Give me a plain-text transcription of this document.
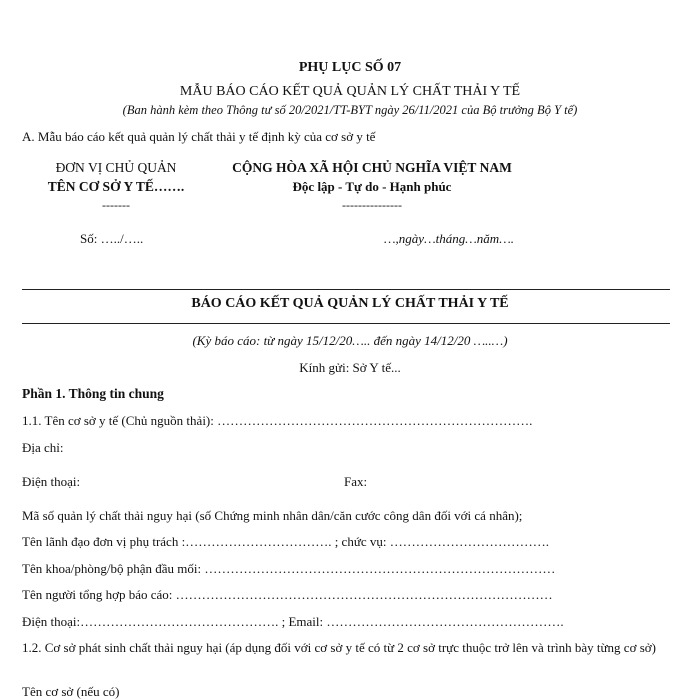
PHỤ LỤC SỐ 07
MẪU BÁO CÁO KẾT QUẢ QUẢN LÝ CHẤT THẢI Y TẾ
(Ban hành kèm theo Thông tư số 20/2021/TT-BYT ngày 26/11/2021 của Bộ trưởng Bộ Y tế)
A. Mẫu báo cáo kết quả quản lý chất thải y tế định kỳ của cơ sở y tế
ĐƠN VỊ CHỦ QUẢN
TÊN CƠ SỞ Y TẾ…….
-------
Số: …../…..
CỘNG HÒA XÃ HỘI CHỦ NGHĨA VIỆT NAM
Độc lập - Tự do - Hạnh phúc
---------------
…,ngày…tháng…năm….
BÁO CÁO KẾT QUẢ QUẢN LÝ CHẤT THẢI Y TẾ
(Kỳ báo cáo: từ ngày 15/12/20….. đến ngày 14/12/20 …..…)
Kính gửi: Sở Y tế...
Phần 1. Thông tin chung
1.1. Tên cơ sở y tế (Chủ nguồn thải): ……………………………………………………………….
Địa chỉ:
Điện thoại:	Fax:
Mã số quản lý chất thải nguy hại (số Chứng minh nhân dân/căn cước công dân đối với cá nhân);
Tên lãnh đạo đơn vị phụ trách :……………………………. ; chức vụ: ……………………………….
Tên khoa/phòng/bộ phận đầu mối: ………………………………………………………………………
Tên người tổng hợp báo cáo: ……………………………………………………………………………
Điện thoại:………………………………………. ; Email: ……………………………………………….
1.2. Cơ sở phát sinh chất thải nguy hại (áp dụng đối với cơ sở y tế có từ 2 cơ sở trực thuộc trở lên và trình bày từng cơ sở)
Tên cơ sở (nếu có)
